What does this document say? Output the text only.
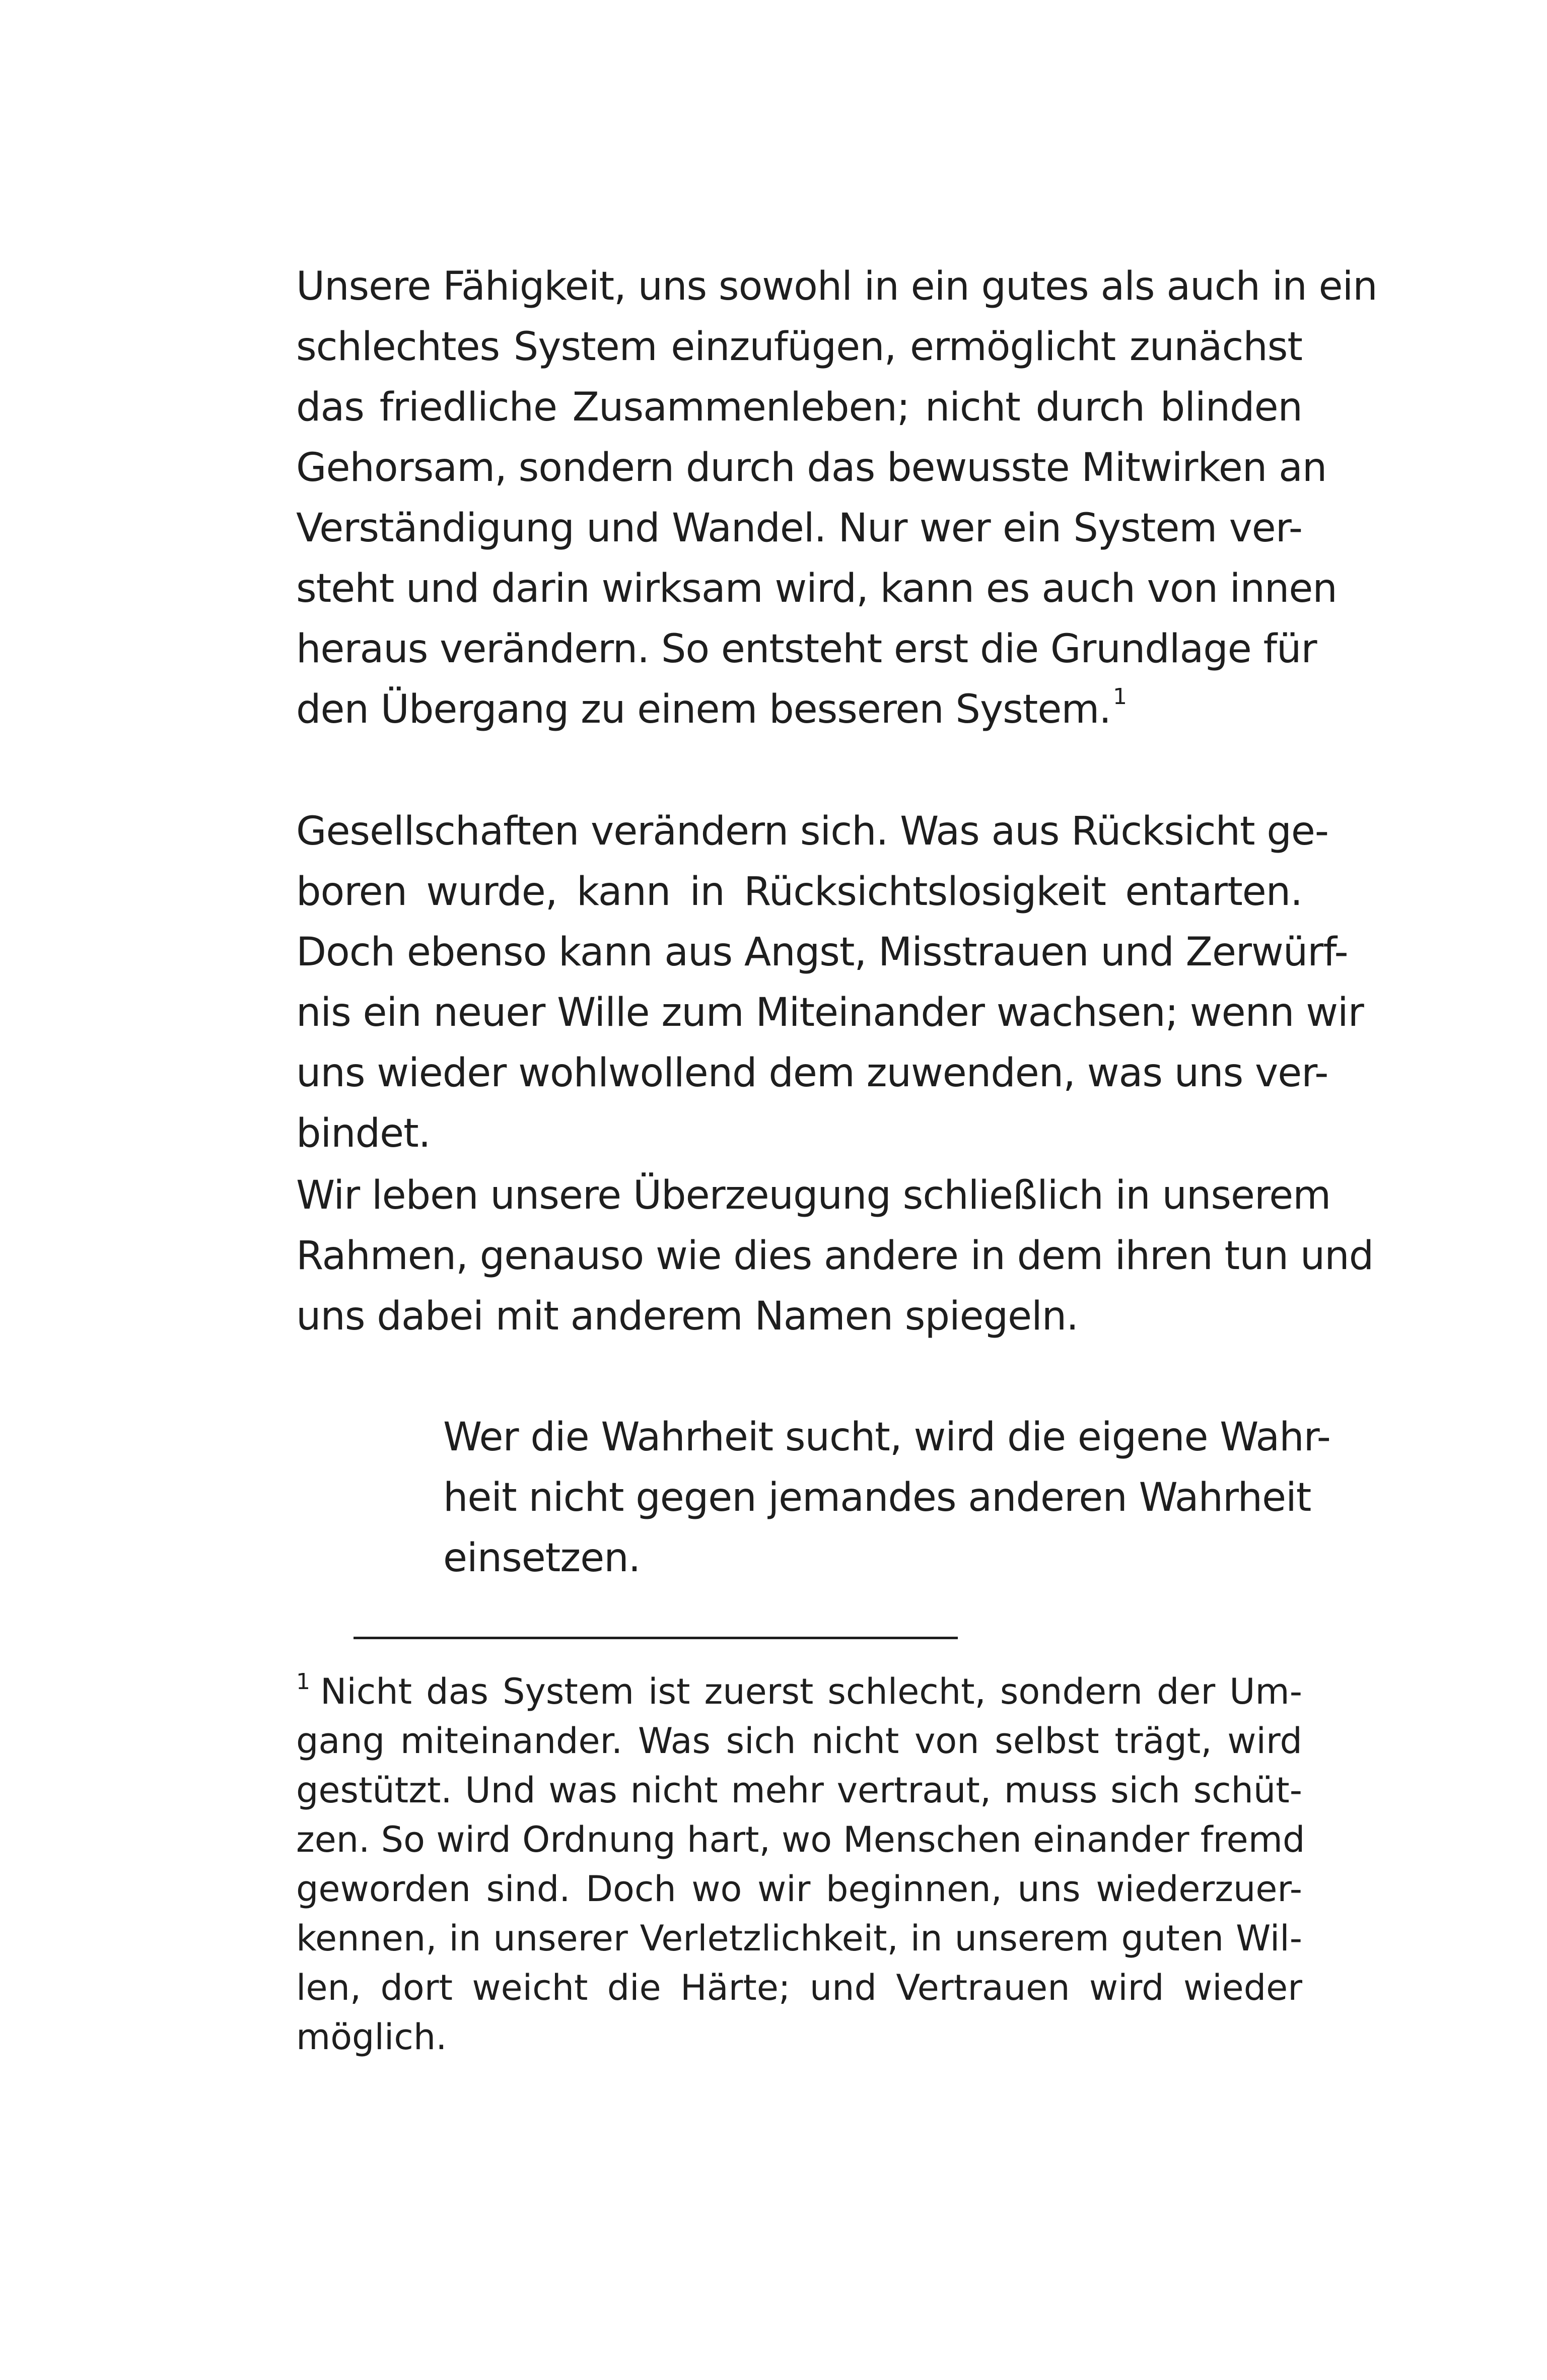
Unsere Fähigkeit, uns sowohl in ein gutes als auch in ein
schlechtes System einzufügen, ermöglicht zunächst
das friedliche Zusammenleben; nicht durch blinden
Gehorsam, sondern durch das bewusste Mitwirken an
Verständigung und Wandel. Nur wer ein System ver-
steht und darin wirksam wird, kann es auch von innen
heraus verändern. So entsteht erst die Grundlage für
den Übergang zu einem besseren System. 1
Gesellschaften verändern sich. Was aus Rücksicht ge-
boren wurde, kann in Rücksichtslosigkeit entarten.
Doch ebenso kann aus Angst, Misstrauen und Zerwürf-
nis ein neuer Wille zum Miteinander wachsen; wenn wir
uns wieder wohlwollend dem zuwenden, was uns ver-
bindet.
Wir leben unsere Überzeugung schließlich in unserem
Rahmen, genauso wie dies andere in dem ihren tun und
uns dabei mit anderem Namen spiegeln.
Wer die Wahrheit sucht, wird die eigene Wahr-
heit nicht gegen jemandes anderen Wahrheit
einsetzen.
1 Nicht das System ist zuerst schlecht, sondern der Um-
gang miteinander. Was sich nicht von selbst trägt, wird
gestützt. Und was nicht mehr vertraut, muss sich schüt-
zen. So wird Ordnung hart, wo Menschen einander fremd
geworden sind. Doch wo wir beginnen, uns wiederzuer-
kennen, in unserer Verletzlichkeit, in unserem guten Wil-
len, dort weicht die Härte; und Vertrauen wird wieder
möglich.
